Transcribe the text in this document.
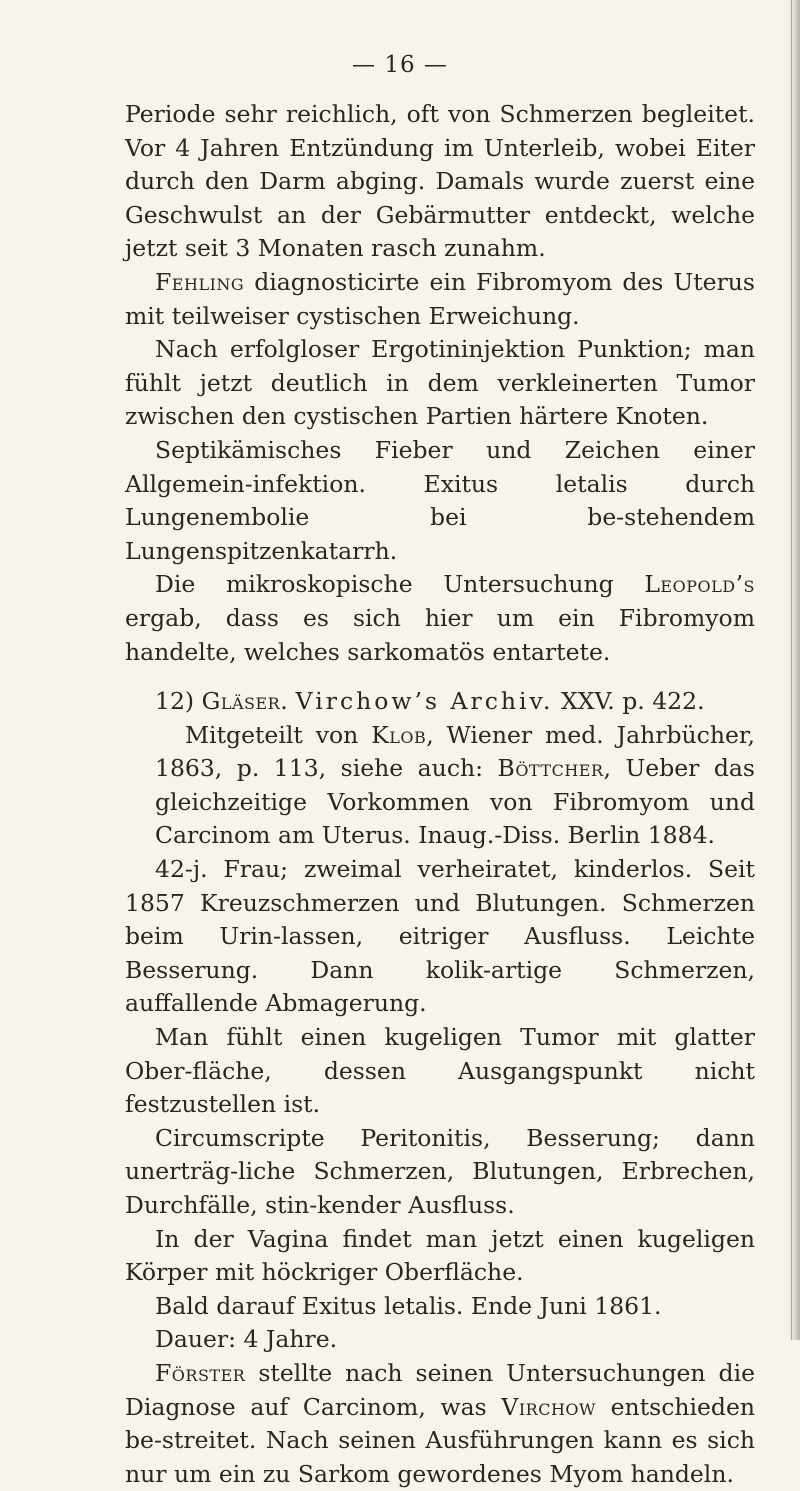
— 16 —

Periode sehr reichlich, oft von Schmerzen begleitet. Vor 4 Jahren Entzündung im Unterleib, wobei Eiter durch den Darm abging. Damals wurde zuerst eine Geschwulst an der Gebärmutter entdeckt, welche jetzt seit 3 Monaten rasch zunahm.

Fehling diagnosticirte ein Fibromyom des Uterus mit teilweiser cystischen Erweichung.

Nach erfolgloser Ergotininjektion Punktion; man fühlt jetzt deutlich in dem verkleinerten Tumor zwischen den cystischen Partien härtere Knoten.

Septikämisches Fieber und Zeichen einer Allgemein-infektion. Exitus letalis durch Lungenembolie bei be-stehendem Lungenspitzenkatarrh.

Die mikroskopische Untersuchung Leopold’s ergab, dass es sich hier um ein Fibromyom handelte, welches sarkomatös entartete.

12) Gläser. Virchow’s Archiv. XXV. p. 422.

Mitgeteilt von Klob, Wiener med. Jahrbücher, 1863, p. 113, siehe auch: Böttcher, Ueber das gleichzeitige Vorkommen von Fibromyom und Carcinom am Uterus. Inaug.-Diss. Berlin 1884.

42-j. Frau; zweimal verheiratet, kinderlos. Seit 1857 Kreuzschmerzen und Blutungen. Schmerzen beim Urin-lassen, eitriger Ausfluss. Leichte Besserung. Dann kolik-artige Schmerzen, auffallende Abmagerung.

Man fühlt einen kugeligen Tumor mit glatter Ober-fläche, dessen Ausgangspunkt nicht festzustellen ist.

Circumscripte Peritonitis, Besserung; dann unerträg-liche Schmerzen, Blutungen, Erbrechen, Durchfälle, stin-kender Ausfluss.

In der Vagina findet man jetzt einen kugeligen Körper mit höckriger Oberfläche.

Bald darauf Exitus letalis. Ende Juni 1861.

Dauer: 4 Jahre.

Förster stellte nach seinen Untersuchungen die Diagnose auf Carcinom, was Virchow entschieden be-streitet. Nach seinen Ausführungen kann es sich nur um ein zu Sarkom gewordenes Myom handeln.
